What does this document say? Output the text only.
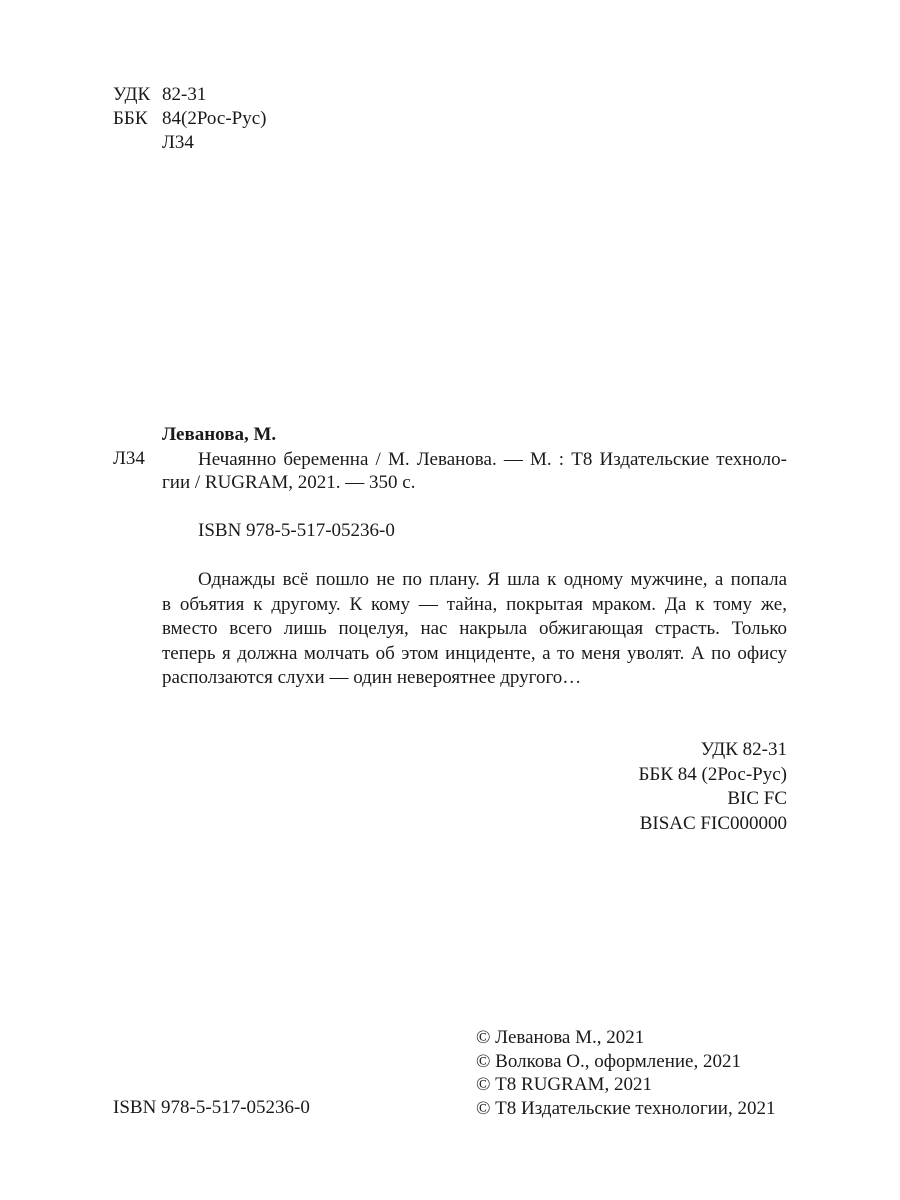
УДК 82-31
ББК 84(2Рос-Рус)
Л34
Леванова, М.
Л34	Нечаянно беременна / М. Леванова. — М. : Т8 Издательские техноло-
гии / RUGRAM, 2021. — 350 с.
ISBN 978-5-517-05236-0
Однажды всё пошло не по плану. Я шла к одному мужчине, а попала
в объятия к другому. К кому — тайна, покрытая мраком. Да к тому же,
вместо всего лишь поцелуя, нас накрыла обжигающая страсть. Только
теперь я должна молчать об этом инциденте, а то меня уволят. А по офису
расползаются слухи — один невероятнее другого…
УДК 82-31
ББК 84 (2Рос-Рус)
BIC FC
BISAC FIC000000
ISBN 978-5-517-05236-0
© Леванова М., 2021
© Волкова О., оформление, 2021
© Т8 RUGRAM, 2021
© Т8 Издательские технологии, 2021
